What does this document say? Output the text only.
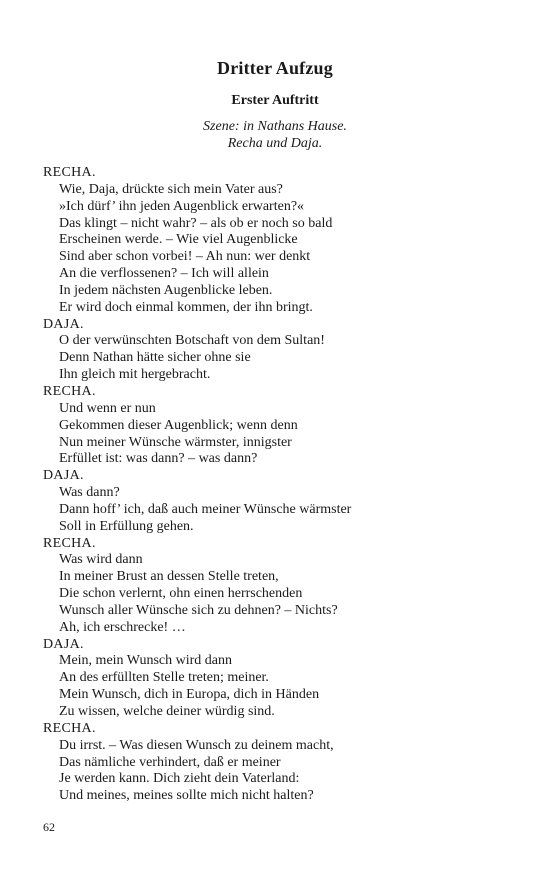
Dritter Aufzug
Erster Auftritt
Szene: in Nathans Hause.
Recha und Daja.
RECHA.
Wie, Daja, drückte sich mein Vater aus?
»Ich dürf’ ihn jeden Augenblick erwarten?«
Das klingt – nicht wahr? – als ob er noch so bald
Erscheinen werde. – Wie viel Augenblicke
Sind aber schon vorbei! – Ah nun: wer denkt
An die verflossenen? – Ich will allein
In jedem nächsten Augenblicke leben.
Er wird doch einmal kommen, der ihn bringt.
DAJA.
O der verwünschten Botschaft von dem Sultan!
Denn Nathan hätte sicher ohne sie
Ihn gleich mit hergebracht.
RECHA.
Und wenn er nun
Gekommen dieser Augenblick; wenn denn
Nun meiner Wünsche wärmster, innigster
Erfüllet ist: was dann? – was dann?
DAJA.
Was dann?
Dann hoff’ ich, daß auch meiner Wünsche wärmster
Soll in Erfüllung gehen.
RECHA.
Was wird dann
In meiner Brust an dessen Stelle treten,
Die schon verlernt, ohn einen herrschenden
Wunsch aller Wünsche sich zu dehnen? – Nichts?
Ah, ich erschrecke! …
DAJA.
Mein, mein Wunsch wird dann
An des erfüllten Stelle treten; meiner.
Mein Wunsch, dich in Europa, dich in Händen
Zu wissen, welche deiner würdig sind.
RECHA.
Du irrst. – Was diesen Wunsch zu deinem macht,
Das nämliche verhindert, daß er meiner
Je werden kann. Dich zieht dein Vaterland:
Und meines, meines sollte mich nicht halten?
62
